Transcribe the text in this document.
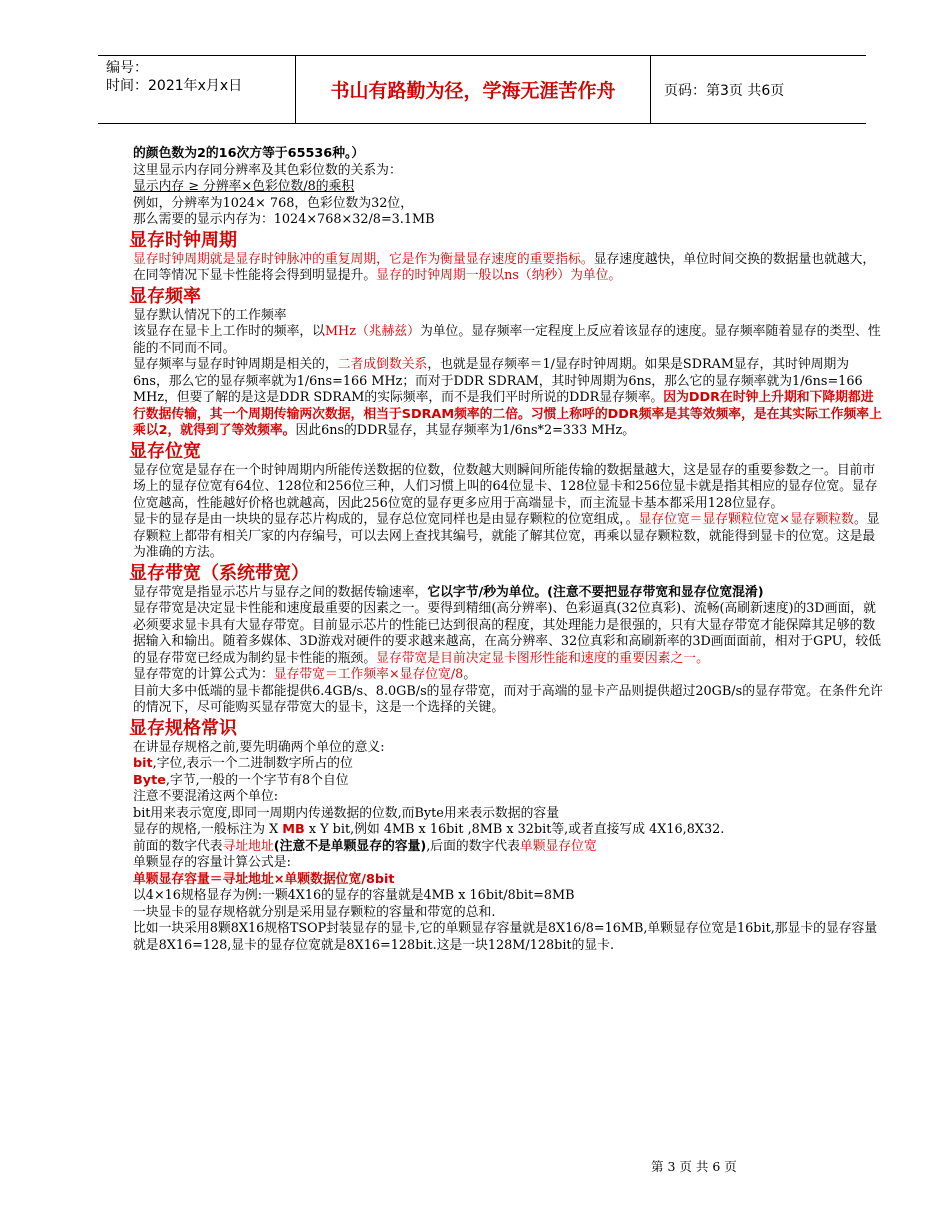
编号：
时间：2021年x月x日	书山有路勤为径，学海无涯苦作舟	页码：第3页 共6页

的颜色数为2的16次方等于65536种。）

这里显示内存同分辨率及其色彩位数的关系为：

显示内存 ≥ 分辨率×色彩位数/8的乘积

例如，分辨率为1024× 768，色彩位数为32位，

那么需要的显示内存为：1024×768×32/8=3.1MB

显存时钟周期

显存时钟周期就是显存时钟脉冲的重复周期，它是作为衡量显存速度的重要指标。显存速度越快，单位时间交换的数据量也就越大，在同等情况下显卡性能将会得到明显提升。显存的时钟周期一般以ns（纳秒）为单位。

显存频率

显存默认情况下的工作频率

该显存在显卡上工作时的频率，以MHz（兆赫兹）为单位。显存频率一定程度上反应着该显存的速度。显存频率随着显存的类型、性能的不同而不同。

显存频率与显存时钟周期是相关的，二者成倒数关系，也就是显存频率＝1/显存时钟周期。如果是SDRAM显存，其时钟周期为6ns，那么它的显存频率就为1/6ns=166 MHz；而对于DDR SDRAM，其时钟周期为6ns，那么它的显存频率就为1/6ns=166 MHz，但要了解的是这是DDR SDRAM的实际频率，而不是我们平时所说的DDR显存频率。因为DDR在时钟上升期和下降期都进行数据传输，其一个周期传输两次数据，相当于SDRAM频率的二倍。习惯上称呼的DDR频率是其等效频率，是在其实际工作频率上乘以2，就得到了等效频率。因此6ns的DDR显存，其显存频率为1/6ns*2=333 MHz。

显存位宽

显存位宽是显存在一个时钟周期内所能传送数据的位数，位数越大则瞬间所能传输的数据量越大，这是显存的重要参数之一。目前市场上的显存位宽有64位、128位和256位三种，人们习惯上叫的64位显卡、128位显卡和256位显卡就是指其相应的显存位宽。显存位宽越高，性能越好价格也就越高，因此256位宽的显存更多应用于高端显卡，而主流显卡基本都采用128位显存。

显卡的显存是由一块块的显存芯片构成的，显存总位宽同样也是由显存颗粒的位宽组成，。显存位宽＝显存颗粒位宽×显存颗粒数。显存颗粒上都带有相关厂家的内存编号，可以去网上查找其编号，就能了解其位宽，再乘以显存颗粒数，就能得到显卡的位宽。这是最为准确的方法。

显存带宽（系统带宽）

显存带宽是指显示芯片与显存之间的数据传输速率，它以字节/秒为单位。(注意不要把显存带宽和显存位宽混淆)

显存带宽是决定显卡性能和速度最重要的因素之一。要得到精细(高分辨率)、色彩逼真(32位真彩)、流畅(高刷新速度)的3D画面，就必须要求显卡具有大显存带宽。目前显示芯片的性能已达到很高的程度，其处理能力是很强的，只有大显存带宽才能保障其足够的数据输入和输出。随着多媒体、3D游戏对硬件的要求越来越高，在高分辨率、32位真彩和高刷新率的3D画面面前，相对于GPU，较低的显存带宽已经成为制约显卡性能的瓶颈。显存带宽是目前决定显卡图形性能和速度的重要因素之一。

显存带宽的计算公式为：显存带宽＝工作频率×显存位宽/8。

目前大多中低端的显卡都能提供6.4GB/s、8.0GB/s的显存带宽，而对于高端的显卡产品则提供超过20GB/s的显存带宽。在条件允许的情况下，尽可能购买显存带宽大的显卡，这是一个选择的关键。

显存规格常识

在讲显存规格之前,要先明确两个单位的意义:

bit,字位,表示一个二进制数字所占的位

Byte,字节,一般的一个字节有8个自位

注意不要混淆这两个单位:

bit用来表示宽度,即同一周期内传递数据的位数,而Byte用来表示数据的容量

显存的规格,一般标注为 X MB x Y bit,例如 4MB x 16bit ,8MB x 32bit等,或者直接写成 4X16,8X32.

前面的数字代表寻址地址(注意不是单颗显存的容量),后面的数字代表单颗显存位宽

单颗显存的容量计算公式是:

单颗显存容量＝寻址地址×单颗数据位宽/8bit

以4×16规格显存为例:一颗4X16的显存的容量就是4MB x 16bit/8bit=8MB

一块显卡的显存规格就分别是采用显存颗粒的容量和带宽的总和.

比如一块采用8颗8X16规格TSOP封装显存的显卡,它的单颗显存容量就是8X16/8=16MB,单颗显存位宽是16bit,那显卡的显存容量就是8X16=128,显卡的显存位宽就是8X16=128bit.这是一块128M/128bit的显卡.

第 3 页 共 6 页
